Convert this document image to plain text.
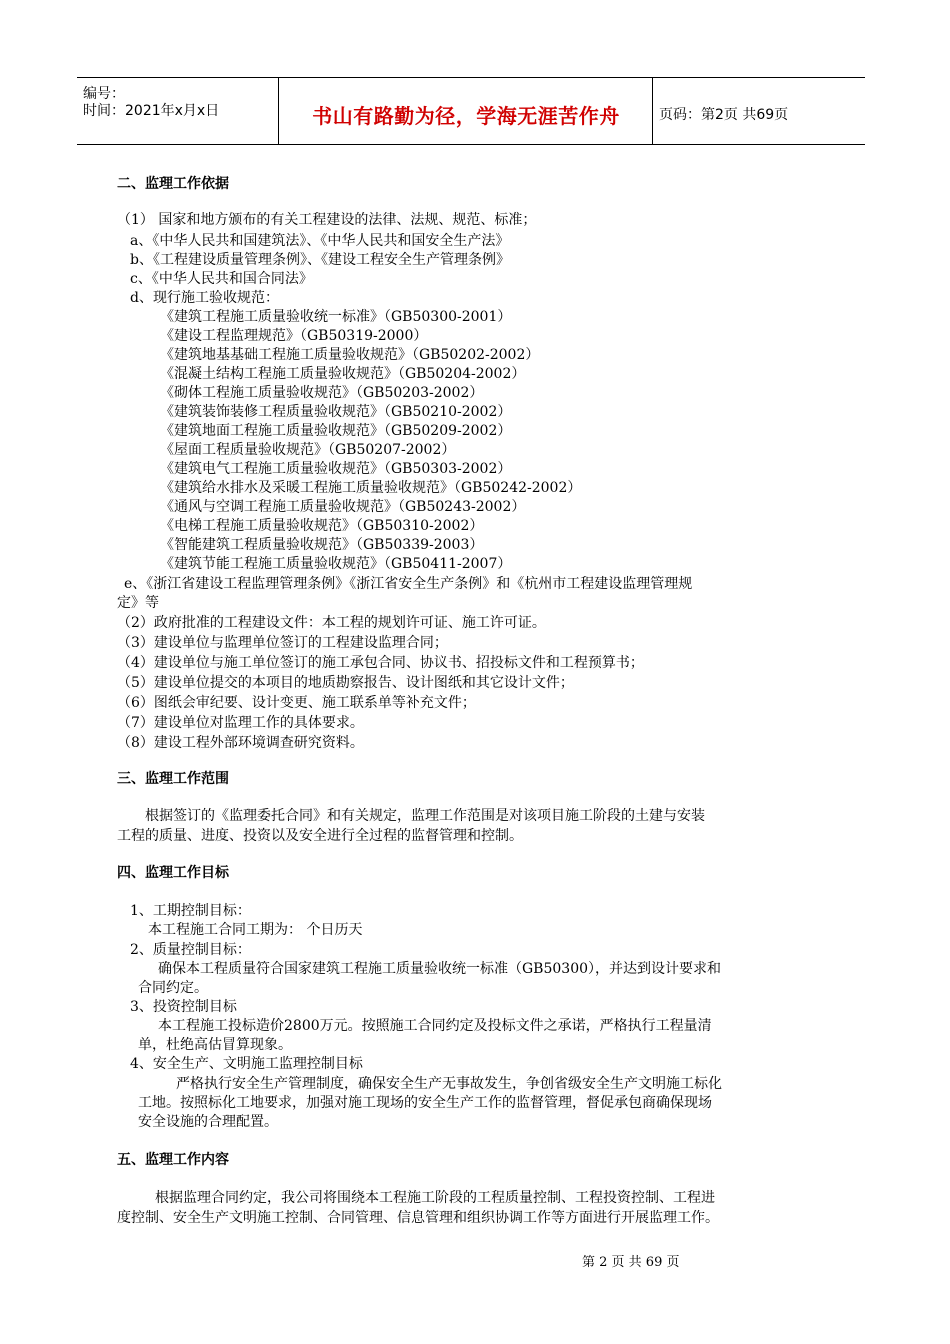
编号：
时间：2021年x月x日	书山有路勤为径，学海无涯苦作舟	页码：第2页 共69页
二、监理工作依据
（1） 国家和地方颁布的有关工程建设的法律、法规、规范、标准；
a、《中华人民共和国建筑法》、《中华人民共和国安全生产法》
b、《工程建设质量管理条例》、《建设工程安全生产管理条例》
c、《中华人民共和国合同法》
d、现行施工验收规范：
《建筑工程施工质量验收统一标准》（GB50300-2001）
《建设工程监理规范》（GB50319-2000）
《建筑地基基础工程施工质量验收规范》（GB50202-2002）
《混凝土结构工程施工质量验收规范》（GB50204-2002）
《砌体工程施工质量验收规范》（GB50203-2002）
《建筑装饰装修工程质量验收规范》（GB50210-2002）
《建筑地面工程施工质量验收规范》（GB50209-2002）
《屋面工程质量验收规范》（GB50207-2002）
《建筑电气工程施工质量验收规范》（GB50303-2002）
《建筑给水排水及采暖工程施工质量验收规范》（GB50242-2002）
《通风与空调工程施工质量验收规范》（GB50243-2002）
《电梯工程施工质量验收规范》（GB50310-2002）
《智能建筑工程质量验收规范》（GB50339-2003）
《建筑节能工程施工质量验收规范》（GB50411-2007）
e、《浙江省建设工程监理管理条例》《浙江省安全生产条例》和《杭州市工程建设监理管理规
定》等
（2）政府批准的工程建设文件：本工程的规划许可证、施工许可证。
（3）建设单位与监理单位签订的工程建设监理合同；
（4）建设单位与施工单位签订的施工承包合同、协议书、招投标文件和工程预算书；
（5）建设单位提交的本项目的地质勘察报告、设计图纸和其它设计文件；
（6）图纸会审纪要、设计变更、施工联系单等补充文件；
（7）建设单位对监理工作的具体要求。
（8）建设工程外部环境调查研究资料。
三、监理工作范围
根据签订的《监理委托合同》和有关规定，监理工作范围是对该项目施工阶段的土建与安装
工程的质量、进度、投资以及安全进行全过程的监督管理和控制。
四、监理工作目标
1、工期控制目标：
本工程施工合同工期为： 个日历天
2、质量控制目标：
确保本工程质量符合国家建筑工程施工质量验收统一标准（GB50300），并达到设计要求和
合同约定。
3、投资控制目标
本工程施工投标造价2800万元。按照施工合同约定及投标文件之承诺，严格执行工程量清
单，杜绝高估冒算现象。
4、安全生产、文明施工监理控制目标
严格执行安全生产管理制度，确保安全生产无事故发生，争创省级安全生产文明施工标化
工地。按照标化工地要求，加强对施工现场的安全生产工作的监督管理，督促承包商确保现场
安全设施的合理配置。
五、监理工作内容
根据监理合同约定，我公司将围绕本工程施工阶段的工程质量控制、工程投资控制、工程进
度控制、安全生产文明施工控制、合同管理、信息管理和组织协调工作等方面进行开展监理工作。
第 2 页 共 69 页
